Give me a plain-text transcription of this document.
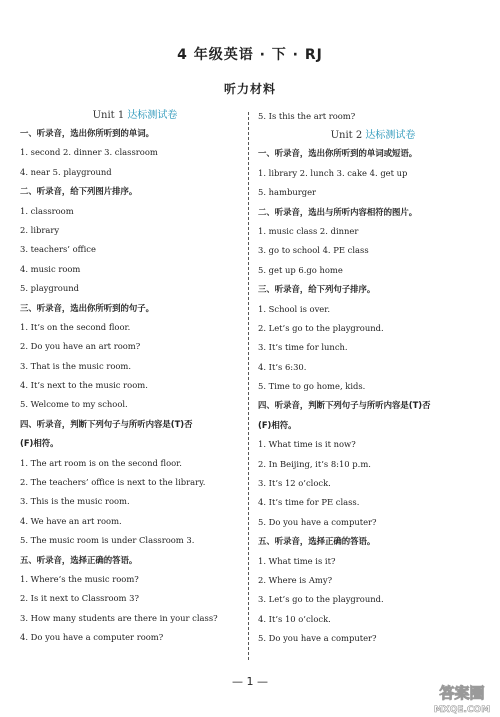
4 年级英语 · 下 · RJ
听力材料
Unit 1 达标测试卷
一、听录音，选出你所听到的单词。
1. second 2. dinner 3. classroom
4. near 5. playground
二、听录音，给下列图片排序。
1. classroom
2. library
3. teachers’ office
4. music room
5. playground
三、听录音，选出你所听到的句子。
1. It’s on the second floor.
2. Do you have an art room?
3. That is the music room.
4. It’s next to the music room.
5. Welcome to my school.
四、听录音，判断下列句子与所听内容是(T)否
(F)相符。
1. The art room is on the second floor.
2. The teachers’ office is next to the library.
3. This is the music room.
4. We have an art room.
5. The music room is under Classroom 3.
五、听录音，选择正确的答语。
1. Where’s the music room?
2. Is it next to Classroom 3?
3. How many students are there in your class?
4. Do you have a computer room?
5. Is this the art room?
Unit 2 达标测试卷
一、听录音，选出你所听到的单词或短语。
1. library 2. lunch 3. cake 4. get up
5. hamburger
二、听录音，选出与所听内容相符的图片。
1. music class 2. dinner
3. go to school 4. PE class
5. get up 6.go home
三、听录音，给下列句子排序。
1. School is over.
2. Let’s go to the playground.
3. It’s time for lunch.
4. It’s 6:30.
5. Time to go home, kids.
四、听录音，判断下列句子与所听内容是(T)否
(F)相符。
1. What time is it now?
2. In Beijing, it’s 8:10 p.m.
3. It’s 12 o’clock.
4. It’s time for PE class.
5. Do you have a computer?
五、听录音，选择正确的答语。
1. What time is it?
2. Where is Amy?
3. Let’s go to the playground.
4. It’s 10 o’clock.
5. Do you have a computer?
— 1 —
答案圈
MXQE.COM
